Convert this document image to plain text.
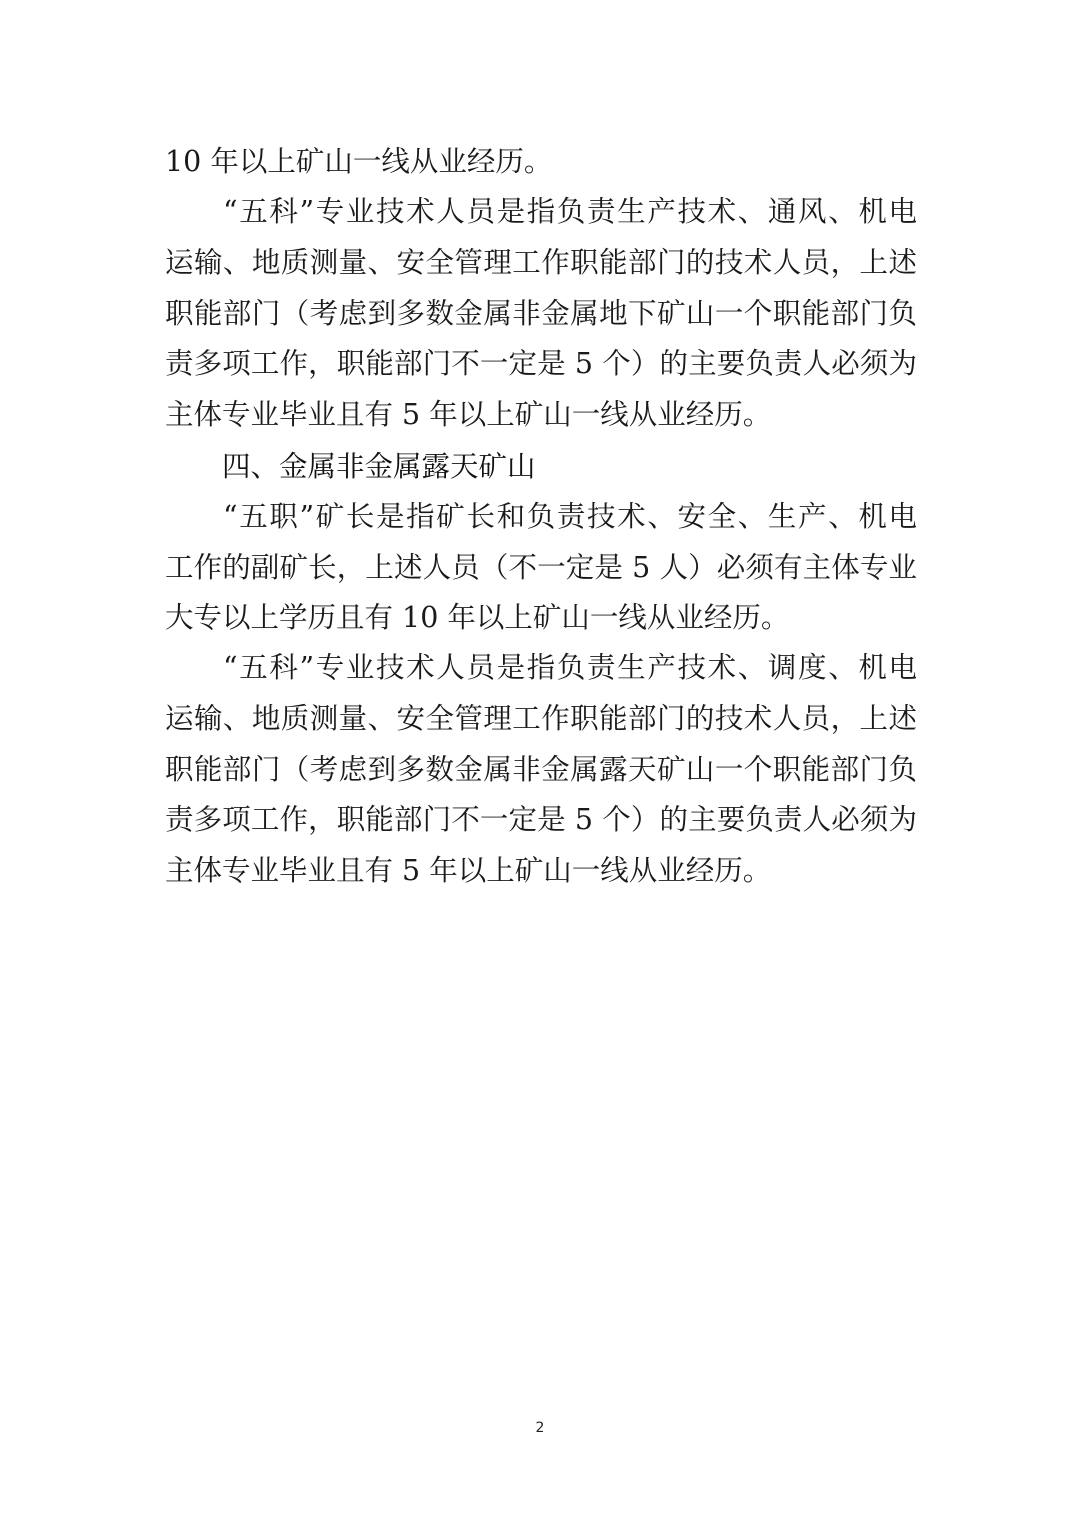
10 年以上矿山一线从业经历。
“五科”专业技术人员是指负责生产技术、通风、机电
运输、地质测量、安全管理工作职能部门的技术人员，上述
职能部门（考虑到多数金属非金属地下矿山一个职能部门负
责多项工作，职能部门不一定是 5 个）的主要负责人必须为
主体专业毕业且有 5 年以上矿山一线从业经历。
四、金属非金属露天矿山
“五职”矿长是指矿长和负责技术、安全、生产、机电
工作的副矿长，上述人员（不一定是 5 人）必须有主体专业
大专以上学历且有 10 年以上矿山一线从业经历。
“五科”专业技术人员是指负责生产技术、调度、机电
运输、地质测量、安全管理工作职能部门的技术人员，上述
职能部门（考虑到多数金属非金属露天矿山一个职能部门负
责多项工作，职能部门不一定是 5 个）的主要负责人必须为
主体专业毕业且有 5 年以上矿山一线从业经历。
2
